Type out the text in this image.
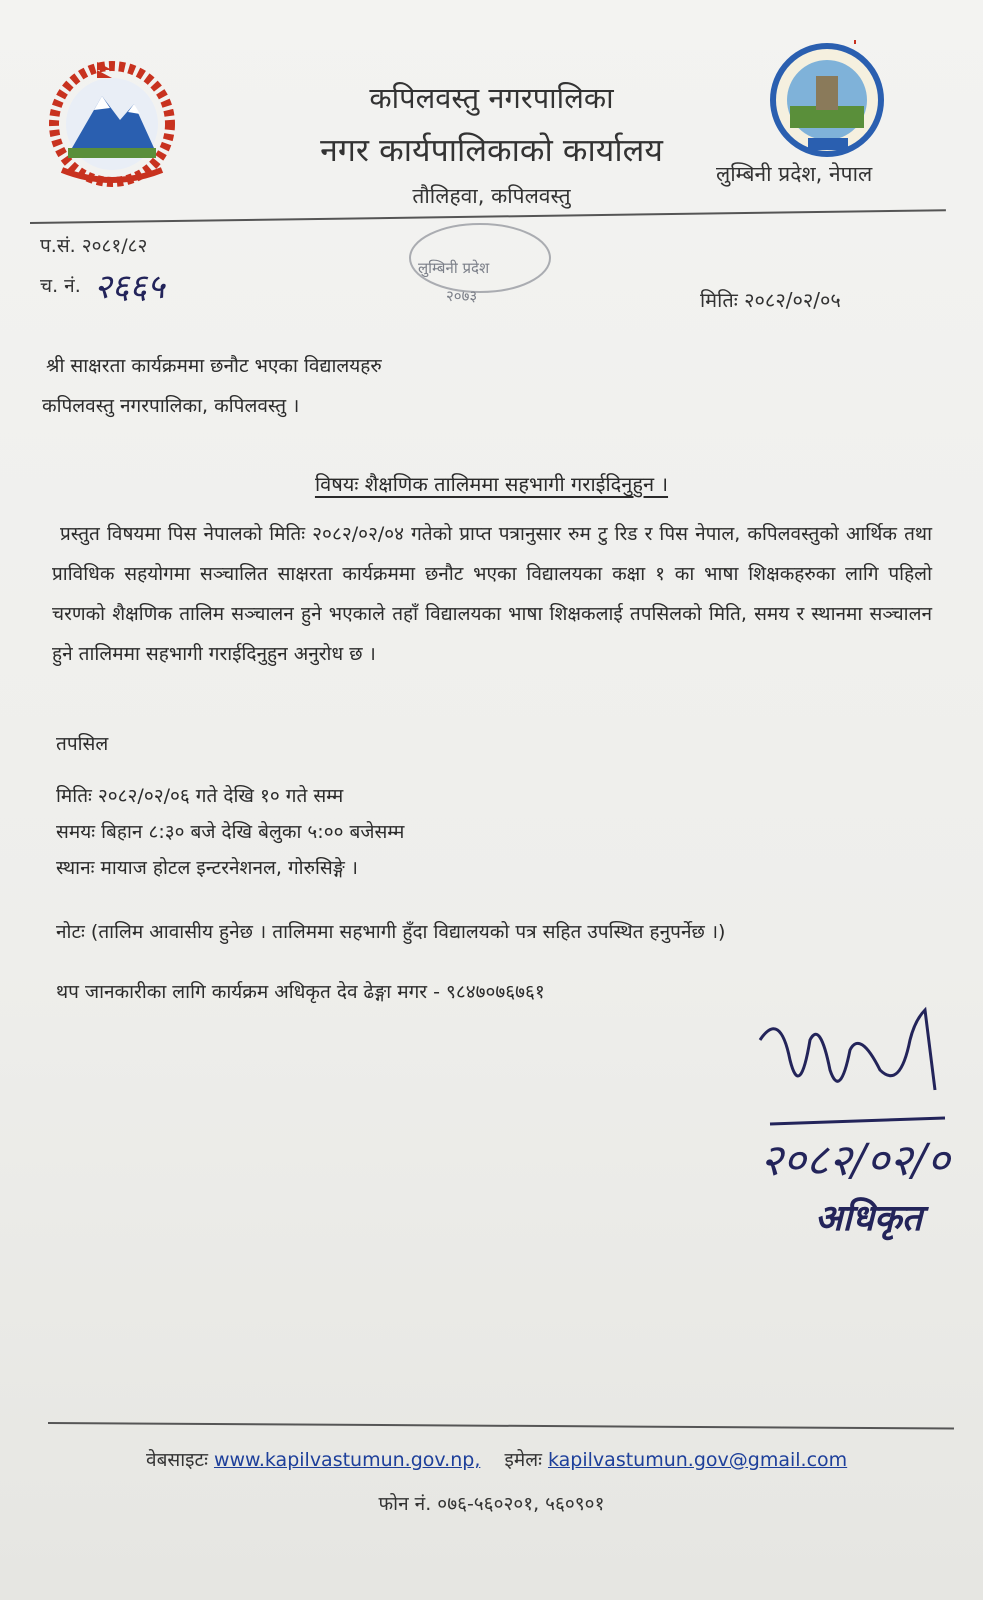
कपिलवस्तु नगरपालिका
नगर कार्यपालिकाको कार्यालय
तौलिहवा, कपिलवस्तु
लुम्बिनी प्रदेश, नेपाल
लुम्बिनी प्रदेश
२०७३
प.सं. २०८१/८२
च. नं. २६६५	मितिः २०८२/०२/०५
श्री साक्षरता कार्यक्रममा छनौट भएका विद्यालयहरु
कपिलवस्तु नगरपालिका, कपिलवस्तु ।
विषयः शैक्षणिक तालिममा सहभागी गराईदिनुहुन ।
प्रस्तुत विषयमा पिस नेपालको मितिः २०८२/०२/०४ गतेको प्राप्त पत्रानुसार रुम टु रिड र पिस नेपाल, कपिलवस्तुको आर्थिक तथा प्राविधिक सहयोगमा सञ्चालित साक्षरता कार्यक्रममा छनौट भएका विद्यालयका कक्षा १ का भाषा शिक्षकहरुका लागि पहिलो चरणको शैक्षणिक तालिम सञ्चालन हुने भएकाले तहाँ विद्यालयका भाषा शिक्षकलाई तपसिलको मिति, समय र स्थानमा सञ्चालन हुने तालिममा सहभागी गराईदिनुहुन अनुरोध छ ।
तपसिल
मितिः २०८२/०२/०६ गते देखि १० गते सम्म
समयः बिहान ८:३० बजे देखि बेलुका ५:०० बजेसम्म
स्थानः मायाज होटल इन्टरनेशनल, गोरुसिङ्गे ।
नोटः (तालिम आवासीय हुनेछ । तालिममा सहभागी हुँदा विद्यालयको पत्र सहित उपस्थित हनुपर्नेछ ।)
थप जानकारीका लागि कार्यक्रम अधिकृत देव ढेङ्गा मगर - ९८४७०७६७६१
२०८२/०२/०
अधिकृत
वेबसाइटः www.kapilvastumun.gov.np, इमेलः kapilvastumun.gov@gmail.com
फोन नं. ०७६-५६०२०१, ५६०९०१
